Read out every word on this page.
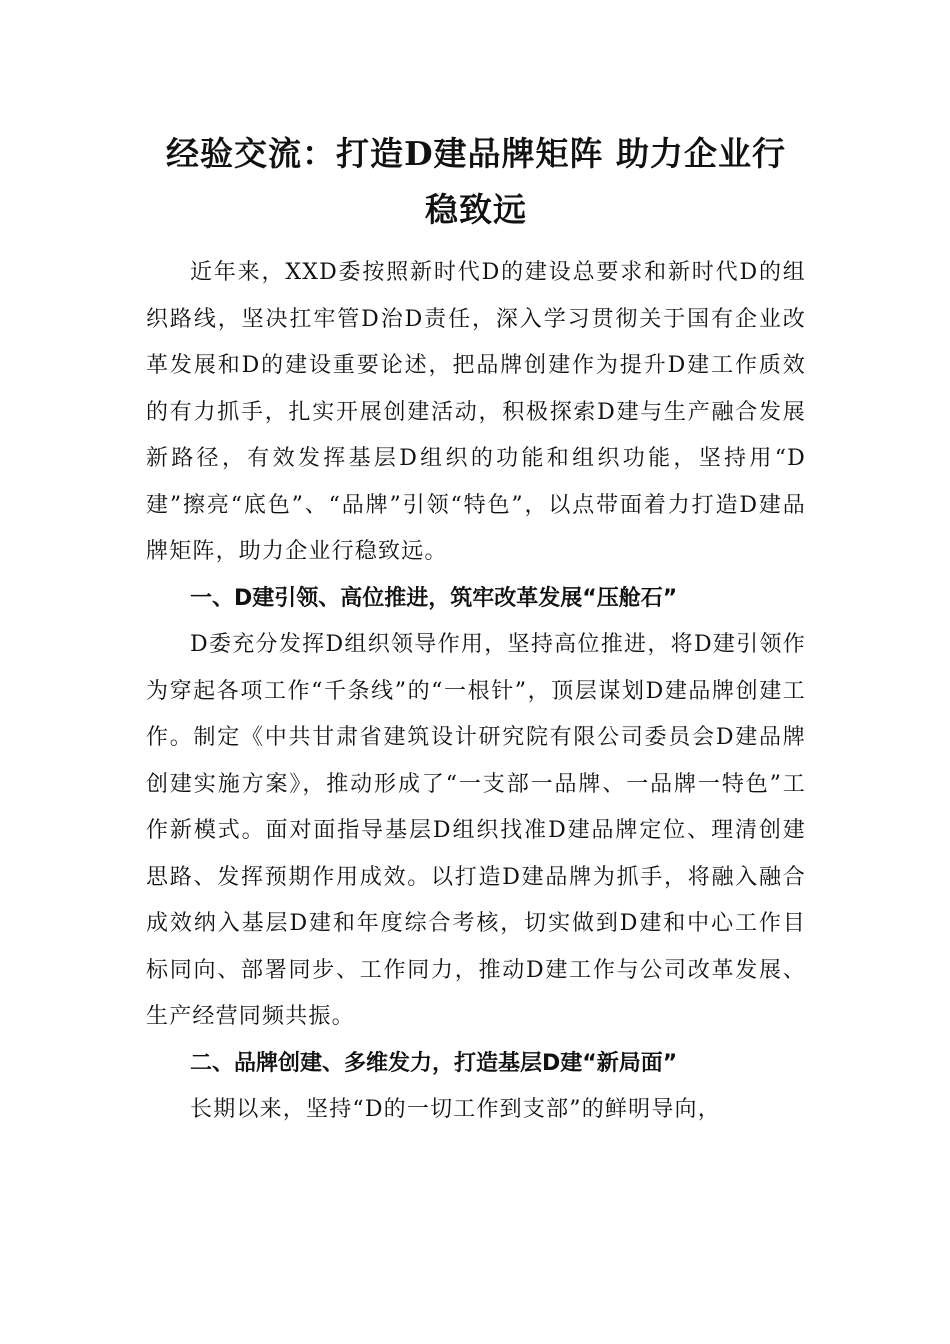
经验交流：打造D建品牌矩阵 助力企业行
稳致远

近年来，XXD委按照新时代D的建设总要求和新时代D的组织路线，坚决扛牢管D治D责任，深入学习贯彻关于国有企业改革发展和D的建设重要论述，把品牌创建作为提升D建工作质效的有力抓手，扎实开展创建活动，积极探索D建与生产融合发展新路径，有效发挥基层D组织的功能和组织功能，坚持用“D建”擦亮“底色”、“品牌”引领“特色”，以点带面着力打造D建品牌矩阵，助力企业行稳致远。

一、D建引领、高位推进，筑牢改革发展“压舱石”

D委充分发挥D组织领导作用，坚持高位推进，将D建引领作为穿起各项工作“千条线”的“一根针”，顶层谋划D建品牌创建工作。制定《中共甘肃省建筑设计研究院有限公司委员会D建品牌创建实施方案》，推动形成了“一支部一品牌、一品牌一特色”工作新模式。面对面指导基层D组织找准D建品牌定位、理清创建思路、发挥预期作用成效。以打造D建品牌为抓手，将融入融合成效纳入基层D建和年度综合考核，切实做到D建和中心工作目标同向、部署同步、工作同力，推动D建工作与公司改革发展、生产经营同频共振。

二、品牌创建、多维发力，打造基层D建“新局面”

长期以来，坚持“D的一切工作到支部”的鲜明导向，
